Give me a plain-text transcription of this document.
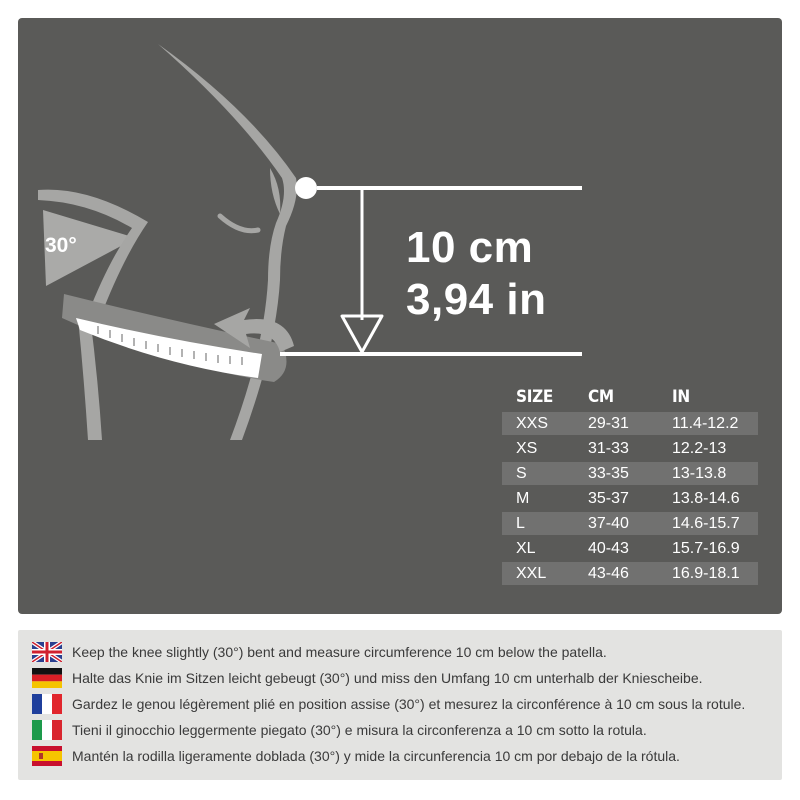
30°	10 cm
3,94 in
SIZE	CM	IN
XXS	29-31	11.4-12.2
XS	31-33	12.2-13
S	33-35	13-13.8
M	35-37	13.8-14.6
L	37-40	14.6-15.7
XL	40-43	15.7-16.9
XXL	43-46	16.9-18.1
Keep the knee slightly (30°) bent and measure circumference 10 cm below the patella.
Halte das Knie im Sitzen leicht gebeugt (30°) und miss den Umfang 10 cm unterhalb der Kniescheibe.
Gardez le genou légèrement plié en position assise (30°) et mesurez la circonférence à 10 cm sous la rotule.
Tieni il ginocchio leggermente piegato (30°) e misura la circonferenza a 10 cm sotto la rotula.
Mantén la rodilla ligeramente doblada (30°) y mide la circunferencia 10 cm por debajo de la rótula.
